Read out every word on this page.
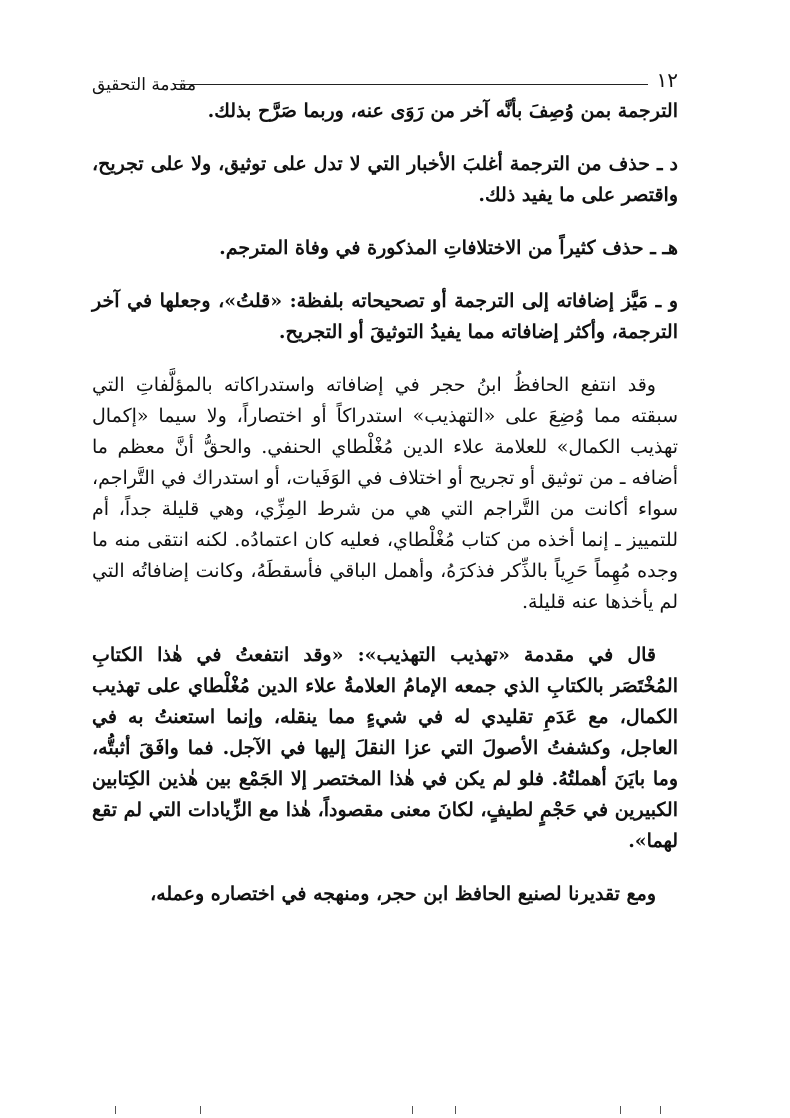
١٢
مقدمة التحقيق

الترجمة بمن وُصِفَ بأنَّه آخر من رَوَى عنه، وربما صَرَّح بذلك.

د ـ حذف من الترجمة أغلبَ الأخبار التي لا تدل على توثيق، ولا على تجريح، واقتصر على ما يفيد ذلك.

هـ ـ حذف كثيراً من الاختلافاتِ المذكورة في وفاة المترجم.

و ـ مَيَّز إضافاته إلى الترجمة أو تصحيحاته بلفظة: «قلتُ»، وجعلها في آخر الترجمة، وأكثر إضافاته مما يفيدُ التوثيقَ أو التجريح.

وقد انتفع الحافظُ ابنُ حجر في إضافاته واستدراكاته بالمؤلَّفاتِ التي سبقته مما وُضِعَ على «التهذيب» استدراكاً أو اختصاراً، ولا سيما «إكمال تهذيب الكمال» للعلامة علاء الدين مُغْلْطاي الحنفي. والحقُّ أنَّ معظم ما أضافه ـ من توثيق أو تجريح أو اختلاف في الوَفَيات، أو استدراك في التَّراجم، سواء أكانت من التَّراجم التي هي من شرط المِزِّي، وهي قليلة جداً، أم للتمييز ـ إنما أخذه من كتاب مُغْلْطاي، فعليه كان اعتمادُه. لكنه انتقى منه ما وجده مُهِماً حَرِياً بالذِّكر فذكرَهُ، وأهمل الباقي فأسقطَهُ، وكانت إضافاتُه التي لم يأخذها عنه قليلة.

قال في مقدمة «تهذيب التهذيب»: «وقد انتفعتُ في هٰذا الكتابِ المُخْتَصَر بالكتابِ الذي جمعه الإمامُ العلامةُ علاء الدين مُغْلْطاي على تهذيب الكمال، مع عَدَمِ تقليدي له في شيءٍ مما ينقله، وإنما استعنتُ به في العاجل، وكشفتُ الأصولَ التي عزا النقلَ إليها في الآجل. فما وافَقَ أثبتُّه، وما بايَنَ أهملتُهُ. فلو لم يكن في هٰذا المختصر إلا الجَمْع بين هٰذين الكِتابين الكبيرين في حَجْمٍ لطيفٍ، لكانَ معنى مقصوداً، هٰذا مع الزِّيادات التي لم تقع لهما».

ومع تقديرنا لصنيع الحافظ ابن حجر، ومنهجه في اختصاره وعمله،
